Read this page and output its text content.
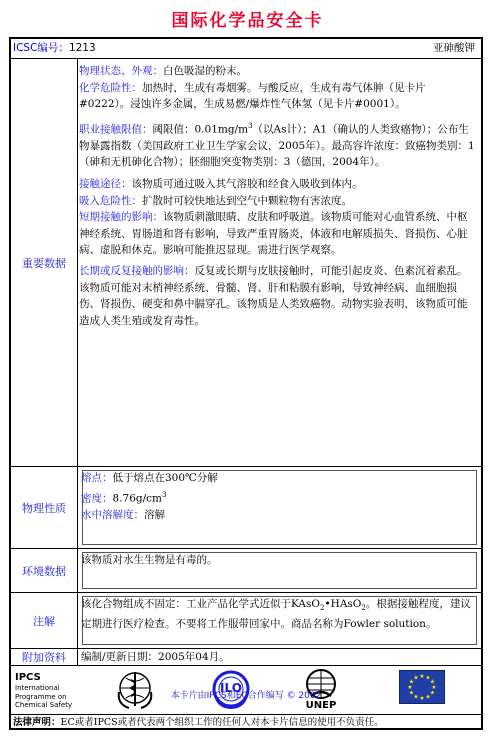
国际化学品安全卡
ICSC编号：1213	亚砷酸钾
重要数据

物理状态、外观：白色吸湿的粉末。

化学危险性：加热时，生成有毒烟雾。与酸反应，生成有毒气体胂（见卡片#0222）。浸蚀许多金属，生成易燃/爆炸性气体氢（见卡片#0001）。

职业接触限值：阈限值：$0.01mg/m^3$（以As计）；A1（确认的人类致癌物）；公布生物暴露指数（美国政府工业卫生学家会议，2005年）。最高容许浓度：致癌物类别：1（砷和无机砷化合物）；胚细胞突变物类别：3（德国，2004年）。

接触途径：该物质可通过吸入其气溶胶和经食入吸收到体内。

吸入危险性：扩散时可较快地达到空气中颗粒物有害浓度。

短期接触的影响：该物质刺激眼睛、皮肤和呼吸道。该物质可能对心血管系统、中枢神经系统、胃肠道和肾有影响，导致严重胃肠炎，体液和电解质损失、肾损伤、心脏病、虚脱和休克。影响可能推迟显现。需进行医学观察。

长期或反复接触的影响：反复或长期与皮肤接触时，可能引起皮炎、色素沉着素乱。该物质可能对末梢神经系统、骨髓、肾、肝和粘膜有影响，导致神经病、血细胞损伤、肾损伤、硬变和鼻中膈穿孔。该物质是人类致癌物。动物实验表明，该物质可能造成人类生殖或发育毒性。

物理性质

熔点：低于熔点在300℃分解

密度：$8.76g/cm^3$

水中溶解度：溶解

环境数据
该物质对水生生物是有毒的。
注解
该化合物组成不固定：工业产品化学式近似于KAsO$_2$•HAsO$_2$。根据接触程度，建议定期进行医疗检查。不要将工作服带回家中。商品名称为Fowler solution。
附加资料	编制/更新日期：2005年04月。
IPCS
International
Programme on
Chemical Safety
ILO
UNEP
★ ★
★
★
★
★
★
★
★
★
★
★
本卡片由IPCS和EC合作编写 © 2002
法律声明：EC或者IPCS或者代表两个组织工作的任何人对本卡片信息的使用不负责任。
